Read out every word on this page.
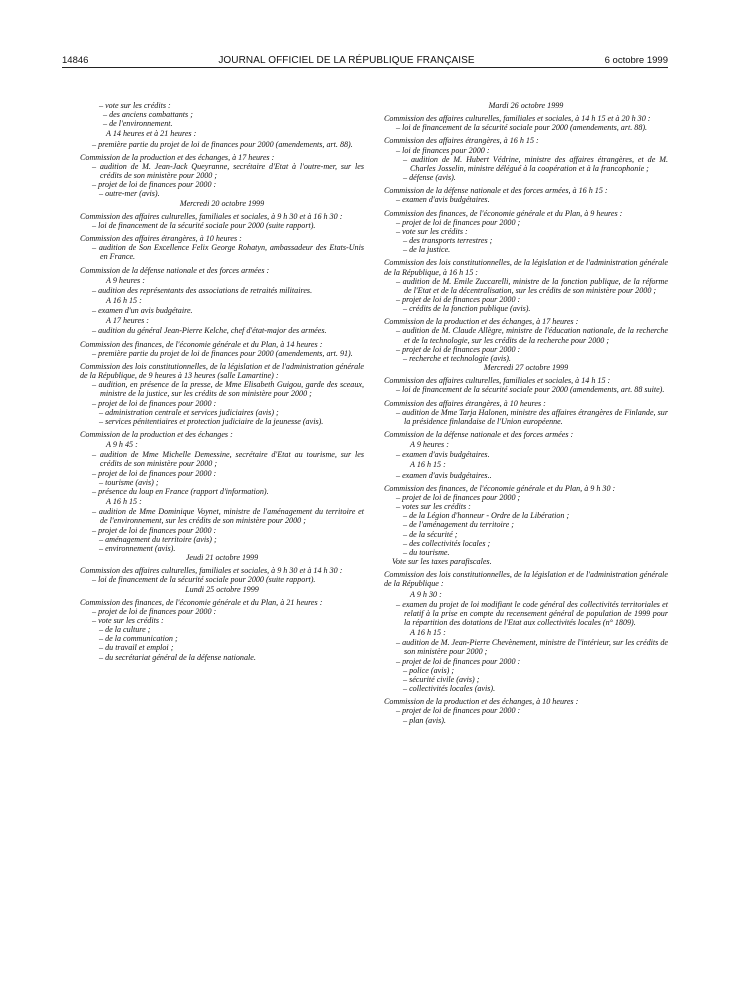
14846	JOURNAL OFFICIEL DE LA RÉPUBLIQUE FRANÇAISE	6 octobre 1999

– vote sur les crédits :

– des anciens combattants ;

– de l'environnement.

A 14 heures et à 21 heures :

– première partie du projet de loi de finances pour 2000 (amendements, art. 88).

Commission de la production et des échanges, à 17 heures :

– audition de M. Jean-Jack Queyranne, secrétaire d'Etat à l'outre-mer, sur les crédits de son ministère pour 2000 ;

– projet de loi de finances pour 2000 :

– outre-mer (avis).

Mercredi 20 octobre 1999

Commission des affaires culturelles, familiales et sociales, à 9 h 30 et à 16 h 30 :

– loi de financement de la sécurité sociale pour 2000 (suite rapport).

Commission des affaires étrangères, à 10 heures :

– audition de Son Excellence Felix George Rohatyn, ambassadeur des Etats-Unis en France.

Commission de la défense nationale et des forces armées :

A 9 heures :

– audition des représentants des associations de retraités militaires.

A 16 h 15 :

– examen d'un avis budgétaire.

A 17 heures :

– audition du général Jean-Pierre Kelche, chef d'état-major des armées.

Commission des finances, de l'économie générale et du Plan, à 14 heures :

– première partie du projet de loi de finances pour 2000 (amendements, art. 91).

Commission des lois constitutionnelles, de la législation et de l'administration générale de la République, de 9 heures à 13 heures (salle Lamartine) :

– audition, en présence de la presse, de Mme Elisabeth Guigou, garde des sceaux, ministre de la justice, sur les crédits de son ministère pour 2000 ;

– projet de loi de finances pour 2000 :

– administration centrale et services judiciaires (avis) ;

– services pénitentiaires et protection judiciaire de la jeunesse (avis).

Commission de la production et des échanges :

A 9 h 45 :

– audition de Mme Michelle Demessine, secrétaire d'Etat au tourisme, sur les crédits de son ministère pour 2000 ;

– projet de loi de finances pour 2000 :

– tourisme (avis) ;

– présence du loup en France (rapport d'information).

A 16 h 15 :

– audition de Mme Dominique Voynet, ministre de l'aménagement du territoire et de l'environnement, sur les crédits de son ministère pour 2000 ;

– projet de loi de finances pour 2000 :

– aménagement du territoire (avis) ;

– environnement (avis).

Jeudi 21 octobre 1999

Commission des affaires culturelles, familiales et sociales, à 9 h 30 et à 14 h 30 :

– loi de financement de la sécurité sociale pour 2000 (suite rapport).

Lundi 25 octobre 1999

Commission des finances, de l'économie générale et du Plan, à 21 heures :

– projet de loi de finances pour 2000 :

– vote sur les crédits :

– de la culture ;

– de la communication ;

– du travail et emploi ;

– du secrétariat général de la défense nationale.

Mardi 26 octobre 1999

Commission des affaires culturelles, familiales et sociales, à 14 h 15 et à 20 h 30 :

– loi de financement de la sécurité sociale pour 2000 (amendements, art. 88).

Commission des affaires étrangères, à 16 h 15 :

– loi de finances pour 2000 :

– audition de M. Hubert Védrine, ministre des affaires étrangères, et de M. Charles Josselin, ministre délégué à la coopération et à la francophonie ;

– défense (avis).

Commission de la défense nationale et des forces armées, à 16 h 15 :

– examen d'avis budgétaires.

Commission des finances, de l'économie générale et du Plan, à 9 heures :

– projet de loi de finances pour 2000 ;

– vote sur les crédits :

– des transports terrestres ;

– de la justice.

Commission des lois constitutionnelles, de la législation et de l'administration générale de la République, à 16 h 15 :

– audition de M. Emile Zuccarelli, ministre de la fonction publique, de la réforme de l'Etat et de la décentralisation, sur les crédits de son ministère pour 2000 ;

– projet de loi de finances pour 2000 :

– crédits de la fonction publique (avis).

Commission de la production et des échanges, à 17 heures :

– audition de M. Claude Allègre, ministre de l'éducation nationale, de la recherche et de la technologie, sur les crédits de la recherche pour 2000 ;

– projet de loi de finances pour 2000 :

– recherche et technologie (avis).

Mercredi 27 octobre 1999

Commission des affaires culturelles, familiales et sociales, à 14 h 15 :

– loi de financement de la sécurité sociale pour 2000 (amendements, art. 88 suite).

Commission des affaires étrangères, à 10 heures :

– audition de Mme Tarja Halonen, ministre des affaires étrangères de Finlande, sur la présidence finlandaise de l'Union européenne.

Commission de la défense nationale et des forces armées :

A 9 heures :

– examen d'avis budgétaires.

A 16 h 15 :

– examen d'avis budgétaires..

Commission des finances, de l'économie générale et du Plan, à 9 h 30 :

– projet de loi de finances pour 2000 ;

– votes sur les crédits :

– de la Légion d'honneur - Ordre de la Libération ;

– de l'aménagement du territoire ;

– de la sécurité ;

– des collectivités locales ;

– du tourisme.

Vote sur les taxes parafiscales.

Commission des lois constitutionnelles, de la législation et de l'administration générale de la République :

A 9 h 30 :

– examen du projet de loi modifiant le code général des collectivités territoriales et relatif à la prise en compte du recensement général de population de 1999 pour la répartition des dotations de l'Etat aux collectivités locales (n° 1809).

A 16 h 15 :

– audition de M. Jean-Pierre Chevènement, ministre de l'intérieur, sur les crédits de son ministère pour 2000 ;

– projet de loi de finances pour 2000 :

– police (avis) ;

– sécurité civile (avis) ;

– collectivités locales (avis).

Commission de la production et des échanges, à 10 heures :

– projet de loi de finances pour 2000 :

– plan (avis).
